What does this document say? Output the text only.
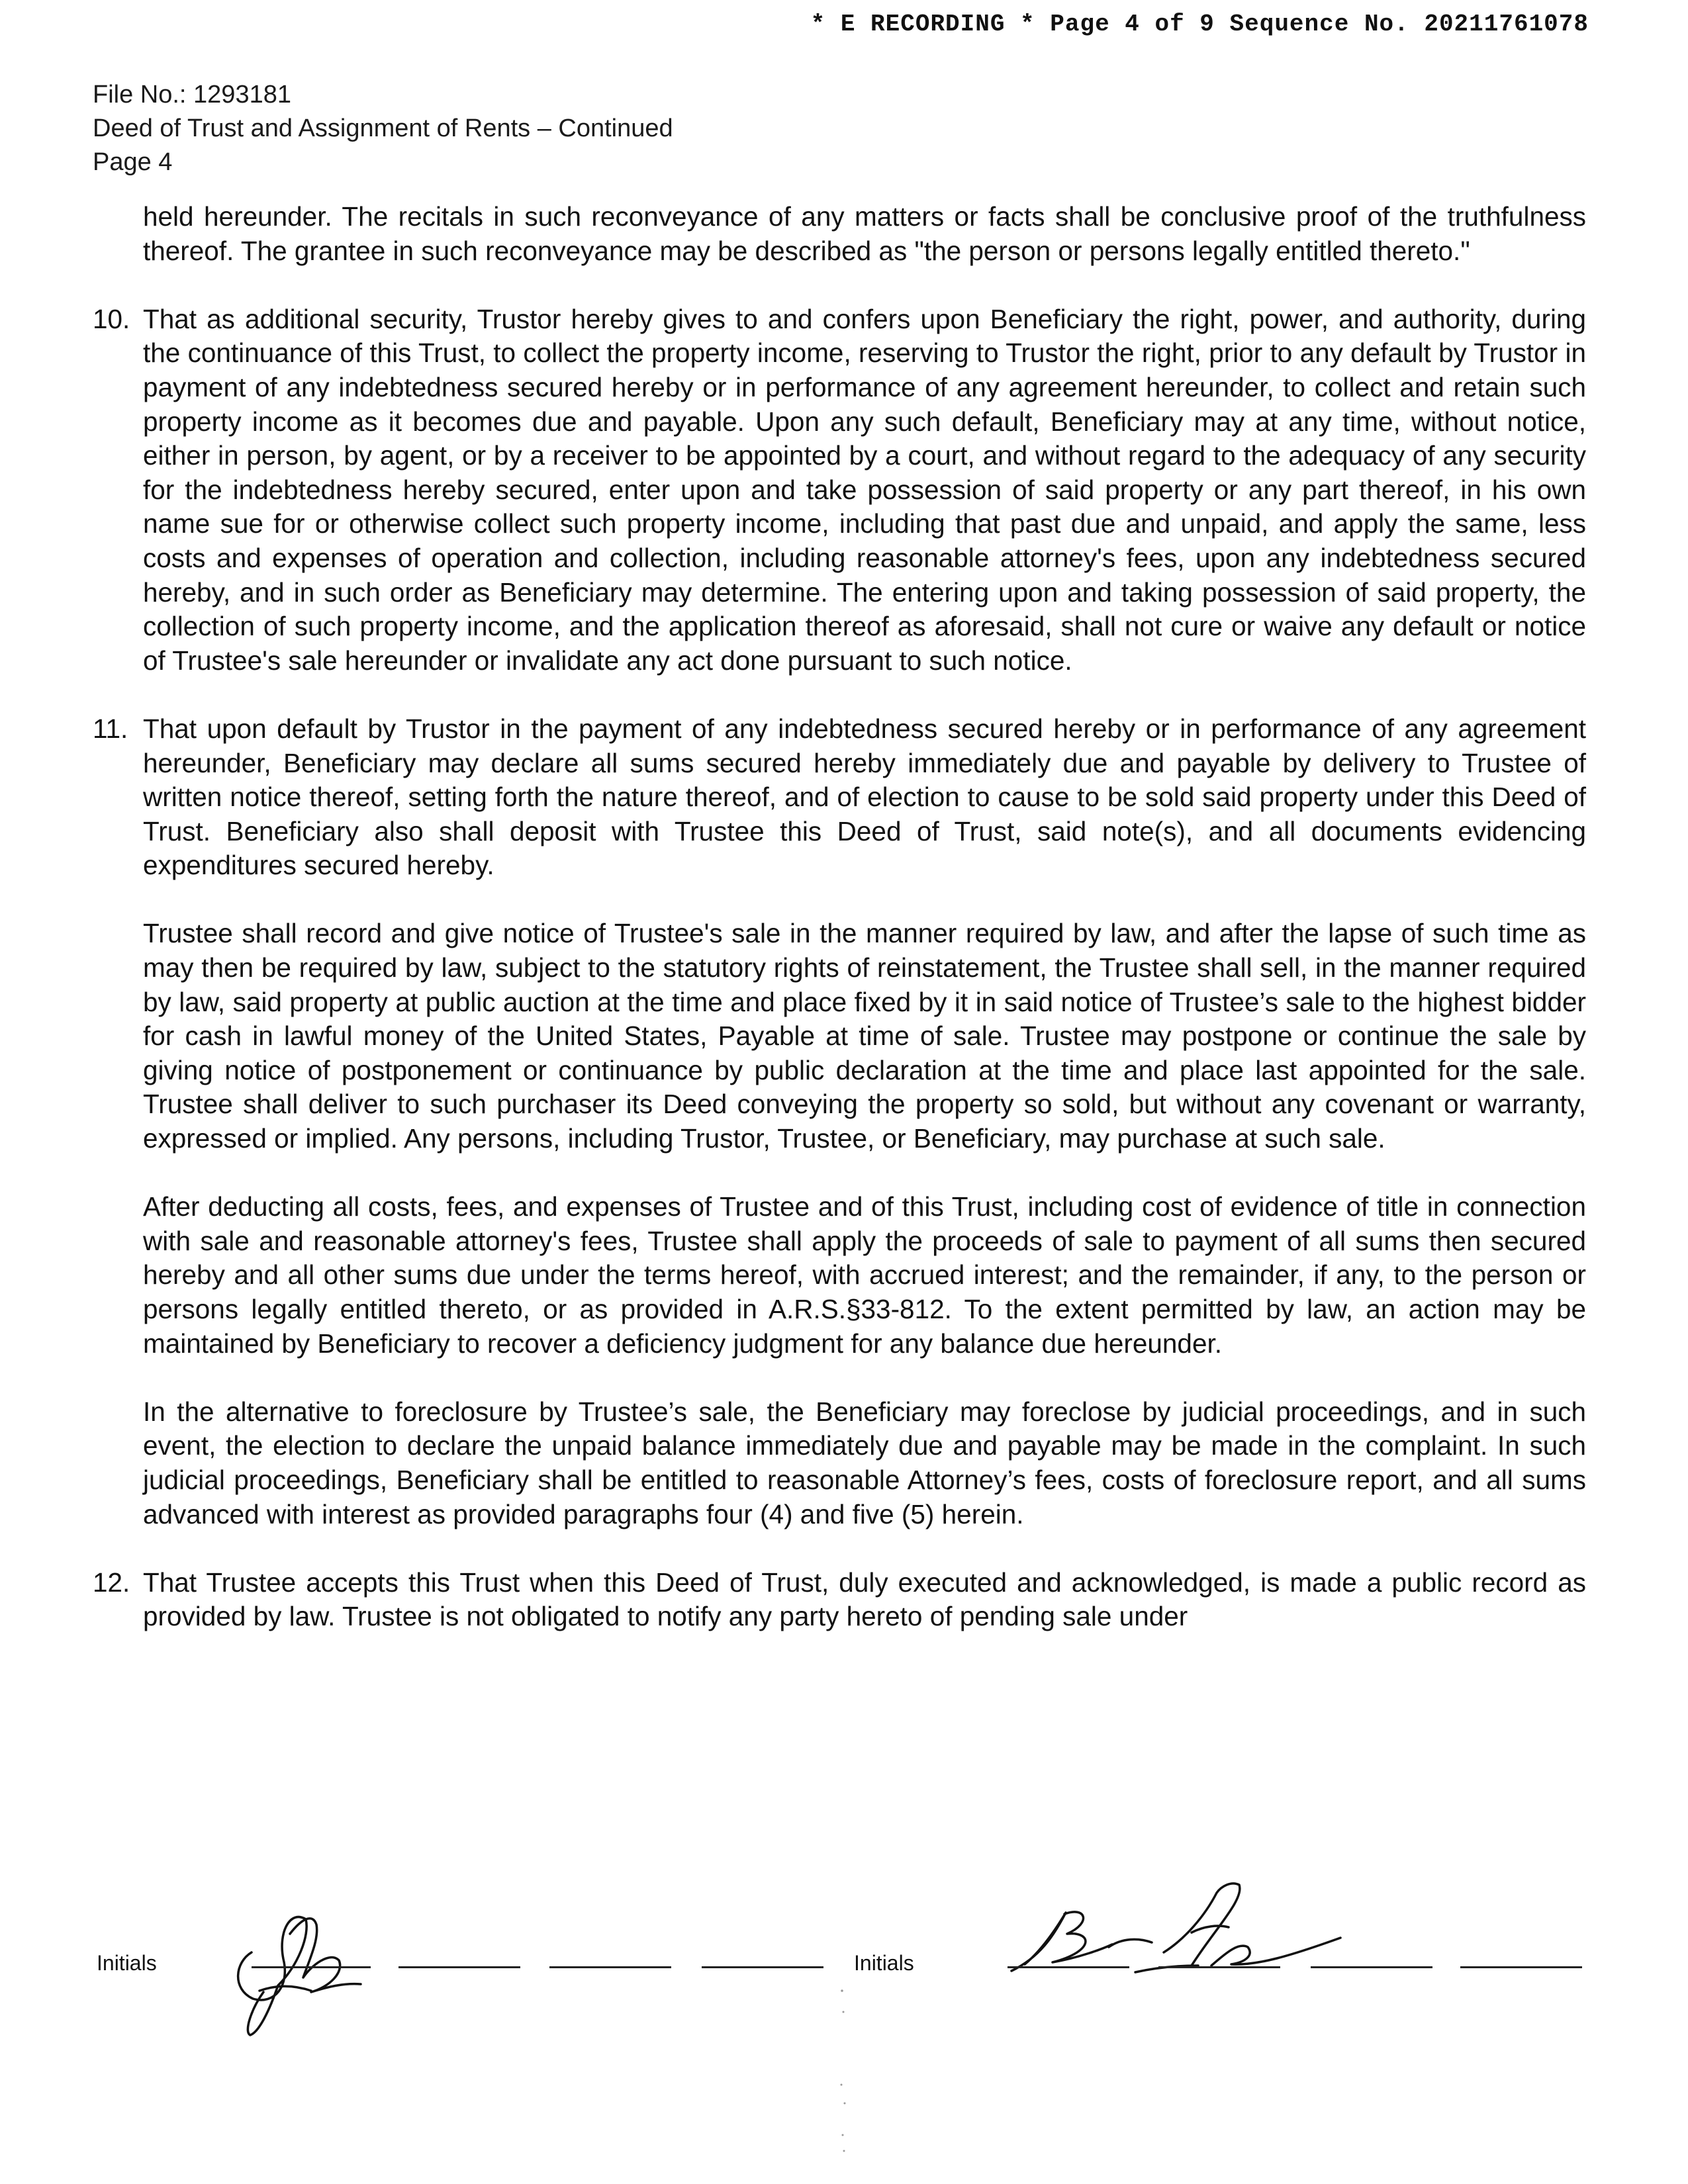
* E RECORDING * Page 4 of 9 Sequence No. 20211761078
File No.: 1293181
Deed of Trust and Assignment of Rents – Continued
Page 4
held hereunder. The recitals in such reconveyance of any matters or facts shall be conclusive proof of the truthfulness thereof. The grantee in such reconveyance may be described as "the person or persons legally entitled thereto."
10. That as additional security, Trustor hereby gives to and confers upon Beneficiary the right, power, and authority, during the continuance of this Trust, to collect the property income, reserving to Trustor the right, prior to any default by Trustor in payment of any indebtedness secured hereby or in performance of any agreement hereunder, to collect and retain such property income as it becomes due and payable. Upon any such default, Beneficiary may at any time, without notice, either in person, by agent, or by a receiver to be appointed by a court, and without regard to the adequacy of any security for the indebtedness hereby secured, enter upon and take possession of said property or any part thereof, in his own name sue for or otherwise collect such property income, including that past due and unpaid, and apply the same, less costs and expenses of operation and collection, including reasonable attorney's fees, upon any indebtedness secured hereby, and in such order as Beneficiary may determine. The entering upon and taking possession of said property, the collection of such property income, and the application thereof as aforesaid, shall not cure or waive any default or notice of Trustee's sale hereunder or invalidate any act done pursuant to such notice.
11. That upon default by Trustor in the payment of any indebtedness secured hereby or in performance of any agreement hereunder, Beneficiary may declare all sums secured hereby immediately due and payable by delivery to Trustee of written notice thereof, setting forth the nature thereof, and of election to cause to be sold said property under this Deed of Trust. Beneficiary also shall deposit with Trustee this Deed of Trust, said note(s), and all documents evidencing expenditures secured hereby.
Trustee shall record and give notice of Trustee's sale in the manner required by law, and after the lapse of such time as may then be required by law, subject to the statutory rights of reinstatement, the Trustee shall sell, in the manner required by law, said property at public auction at the time and place fixed by it in said notice of Trustee’s sale to the highest bidder for cash in lawful money of the United States, Payable at time of sale. Trustee may postpone or continue the sale by giving notice of postponement or continuance by public declaration at the time and place last appointed for the sale. Trustee shall deliver to such purchaser its Deed conveying the property so sold, but without any covenant or warranty, expressed or implied. Any persons, including Trustor, Trustee, or Beneficiary, may purchase at such sale.
After deducting all costs, fees, and expenses of Trustee and of this Trust, including cost of evidence of title in connection with sale and reasonable attorney's fees, Trustee shall apply the proceeds of sale to payment of all sums then secured hereby and all other sums due under the terms hereof, with accrued interest; and the remainder, if any, to the person or persons legally entitled thereto, or as provided in A.R.S.§33-812. To the extent permitted by law, an action may be maintained by Beneficiary to recover a deficiency judgment for any balance due hereunder.
In the alternative to foreclosure by Trustee’s sale, the Beneficiary may foreclose by judicial proceedings, and in such event, the election to declare the unpaid balance immediately due and payable may be made in the complaint. In such judicial proceedings, Beneficiary shall be entitled to reasonable Attorney’s fees, costs of foreclosure report, and all sums advanced with interest as provided paragraphs four (4) and five (5) herein.
12. That Trustee accepts this Trust when this Deed of Trust, duly executed and acknowledged, is made a public record as provided by law. Trustee is not obligated to notify any party hereto of pending sale under
Initials	Initials
